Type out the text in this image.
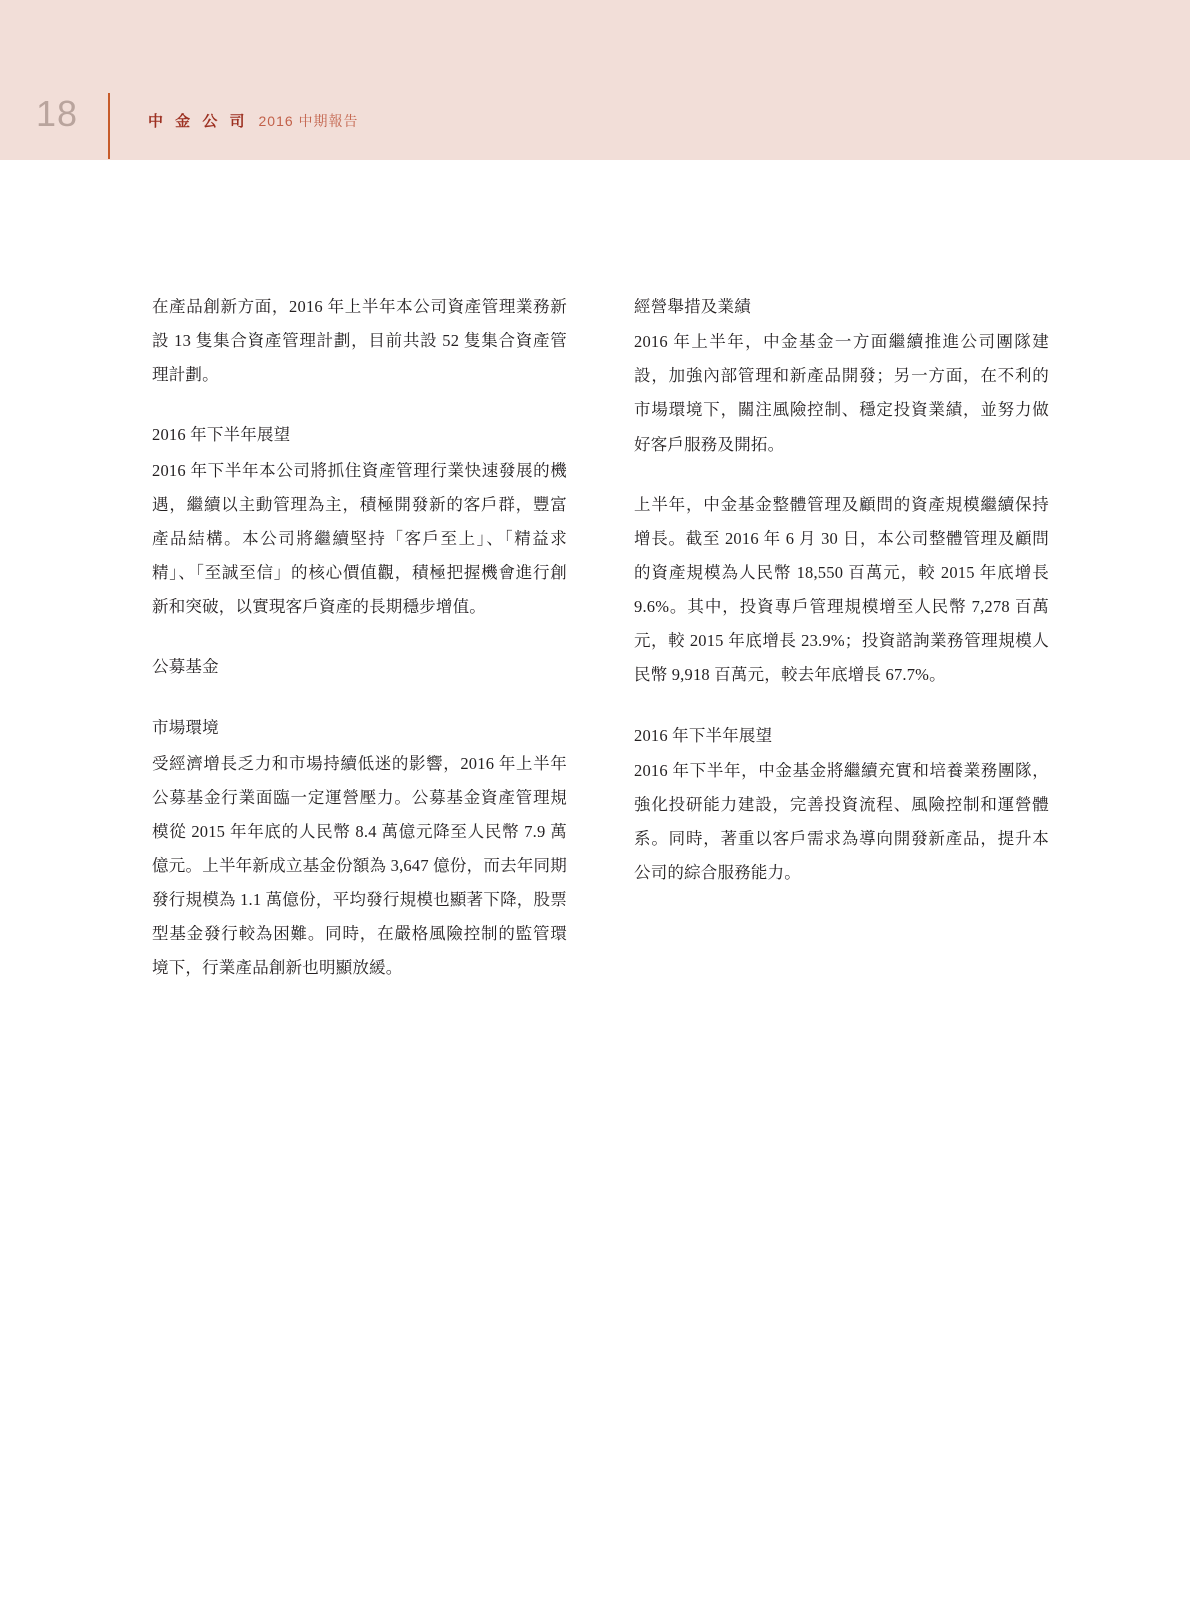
18	中 金 公 司 2016 中期報告

在產品創新方面，2016 年上半年本公司資產管理業務新設 13 隻集合資產管理計劃，目前共設 52 隻集合資產管理計劃。

2016 年下半年展望

2016 年下半年本公司將抓住資產管理行業快速發展的機遇，繼續以主動管理為主，積極開發新的客戶群，豐富產品結構。本公司將繼續堅持「客戶至上」、「精益求精」、「至誠至信」的核心價值觀，積極把握機會進行創新和突破，以實現客戶資產的長期穩步增值。

公募基金
市場環境

受經濟增長乏力和市場持續低迷的影響，2016 年上半年公募基金行業面臨一定運營壓力。公募基金資產管理規模從 2015 年年底的人民幣 8.4 萬億元降至人民幣 7.9 萬億元。上半年新成立基金份額為 3,647 億份，而去年同期發行規模為 1.1 萬億份，平均發行規模也顯著下降，股票型基金發行較為困難。同時，在嚴格風險控制的監管環境下，行業產品創新也明顯放緩。

經營舉措及業績

2016 年上半年，中金基金一方面繼續推進公司團隊建設，加強內部管理和新產品開發；另一方面，在不利的市場環境下，關注風險控制、穩定投資業績，並努力做好客戶服務及開拓。

上半年，中金基金整體管理及顧問的資產規模繼續保持增長。截至 2016 年 6 月 30 日，本公司整體管理及顧問的資產規模為人民幣 18,550 百萬元，較 2015 年底增長 9.6%。其中，投資專戶管理規模增至人民幣 7,278 百萬元，較 2015 年底增長 23.9%；投資諮詢業務管理規模人民幣 9,918 百萬元，較去年底增長 67.7%。

2016 年下半年展望

2016 年下半年，中金基金將繼續充實和培養業務團隊，強化投研能力建設，完善投資流程、風險控制和運營體系。同時，著重以客戶需求為導向開發新產品，提升本公司的綜合服務能力。
